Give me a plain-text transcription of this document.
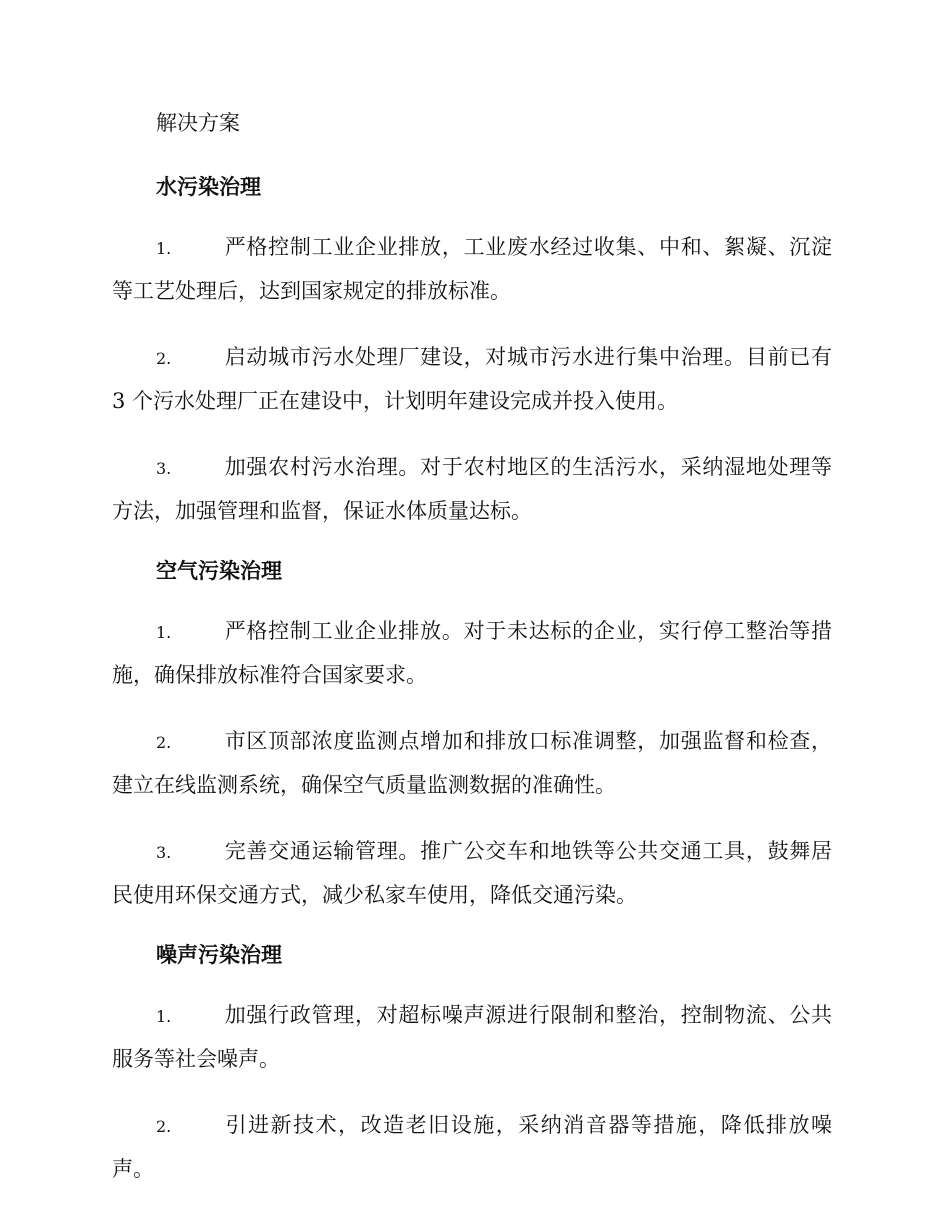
解决方案
水污染治理
1.	严格控制工业企业排放，工业废水经过收集、中和、絮凝、沉淀等工艺处理后，达到国家规定的排放标准。
2.	启动城市污水处理厂建设，对城市污水进行集中治理。目前已有 3 个污水处理厂正在建设中，计划明年建设完成并投入使用。
3.	加强农村污水治理。对于农村地区的生活污水，采纳湿地处理等方法，加强管理和监督，保证水体质量达标。
空气污染治理
1.	严格控制工业企业排放。对于未达标的企业，实行停工整治等措施，确保排放标准符合国家要求。
2.	市区顶部浓度监测点增加和排放口标准调整，加强监督和检查，建立在线监测系统，确保空气质量监测数据的准确性。
3.	完善交通运输管理。推广公交车和地铁等公共交通工具，鼓舞居民使用环保交通方式，减少私家车使用，降低交通污染。
噪声污染治理
1.	加强行政管理，对超标噪声源进行限制和整治，控制物流、公共服务等社会噪声。
2.	引进新技术，改造老旧设施，采纳消音器等措施，降低排放噪声。
